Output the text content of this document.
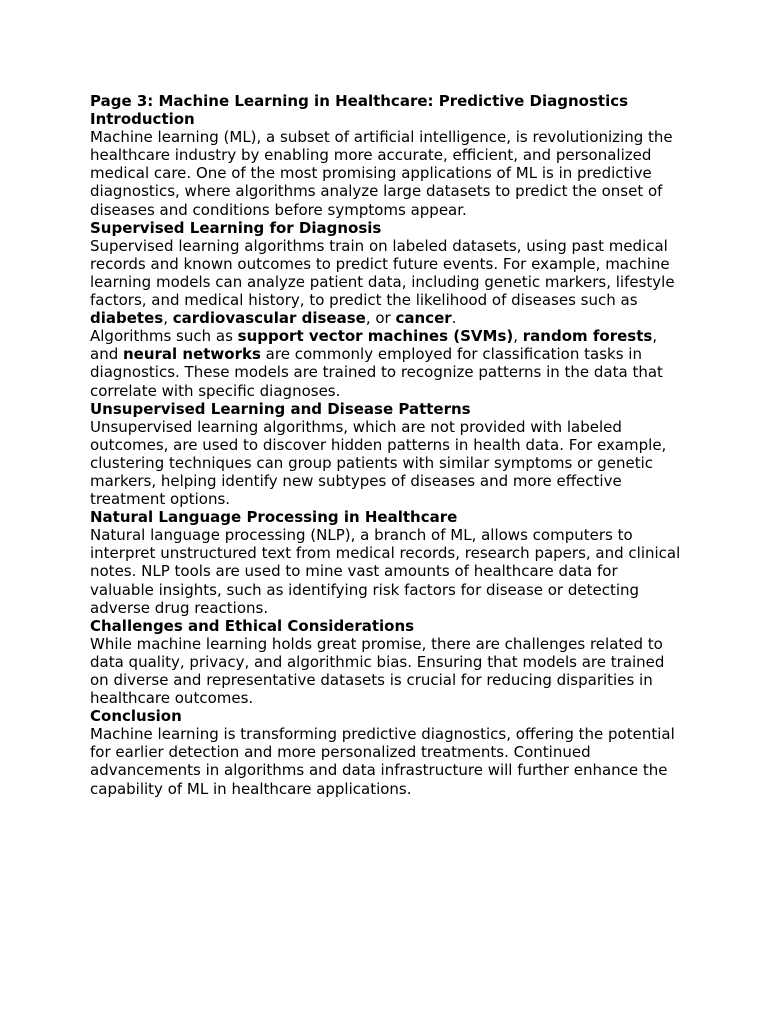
Page 3: Machine Learning in Healthcare: Predictive Diagnostics
Introduction

Machine learning (ML), a subset of artificial intelligence, is revolutionizing the healthcare industry by enabling more accurate, efficient, and personalized medical care. One of the most promising applications of ML is in predictive diagnostics, where algorithms analyze large datasets to predict the onset of diseases and conditions before symptoms appear.

Supervised Learning for Diagnosis

Supervised learning algorithms train on labeled datasets, using past medical records and known outcomes to predict future events. For example, machine learning models can analyze patient data, including genetic markers, lifestyle factors, and medical history, to predict the likelihood of diseases such as diabetes, cardiovascular disease, or cancer.

Algorithms such as support vector machines (SVMs), random forests, and neural networks are commonly employed for classification tasks in diagnostics. These models are trained to recognize patterns in the data that correlate with specific diagnoses.

Unsupervised Learning and Disease Patterns

Unsupervised learning algorithms, which are not provided with labeled outcomes, are used to discover hidden patterns in health data. For example, clustering techniques can group patients with similar symptoms or genetic markers, helping identify new subtypes of diseases and more effective treatment options.

Natural Language Processing in Healthcare

Natural language processing (NLP), a branch of ML, allows computers to interpret unstructured text from medical records, research papers, and clinical notes. NLP tools are used to mine vast amounts of healthcare data for valuable insights, such as identifying risk factors for disease or detecting adverse drug reactions.

Challenges and Ethical Considerations

While machine learning holds great promise, there are challenges related to data quality, privacy, and algorithmic bias. Ensuring that models are trained on diverse and representative datasets is crucial for reducing disparities in healthcare outcomes.

Conclusion

Machine learning is transforming predictive diagnostics, offering the potential for earlier detection and more personalized treatments. Continued advancements in algorithms and data infrastructure will further enhance the capability of ML in healthcare applications.
